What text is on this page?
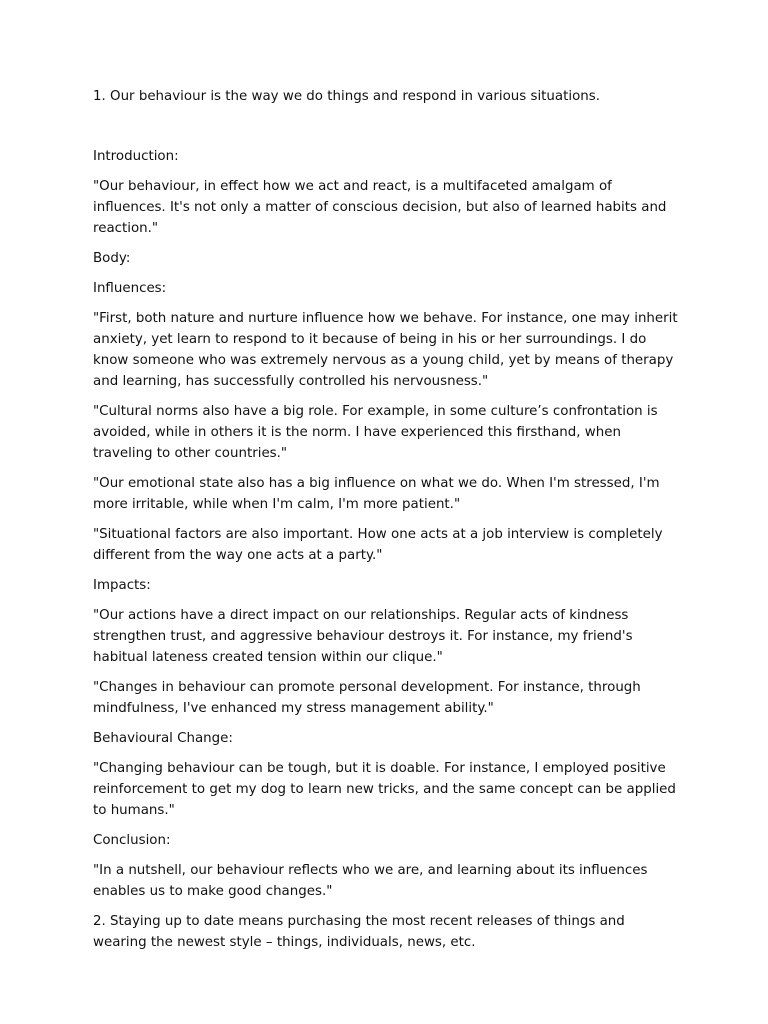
1. Our behaviour is the way we do things and respond in various situations.

Introduction:

"Our behaviour, in effect how we act and react, is a multifaceted amalgam of influences. It's not only a matter of conscious decision, but also of learned habits and reaction."

Body:

Influences:

"First, both nature and nurture influence how we behave. For instance, one may inherit anxiety, yet learn to respond to it because of being in his or her surroundings. I do know someone who was extremely nervous as a young child, yet by means of therapy and learning, has successfully controlled his nervousness."

"Cultural norms also have a big role. For example, in some culture’s confrontation is avoided, while in others it is the norm. I have experienced this firsthand, when traveling to other countries."

"Our emotional state also has a big influence on what we do. When I'm stressed, I'm more irritable, while when I'm calm, I'm more patient."

"Situational factors are also important. How one acts at a job interview is completely different from the way one acts at a party."

Impacts:

"Our actions have a direct impact on our relationships. Regular acts of kindness strengthen trust, and aggressive behaviour destroys it. For instance, my friend's habitual lateness created tension within our clique."

"Changes in behaviour can promote personal development. For instance, through mindfulness, I've enhanced my stress management ability."

Behavioural Change:

"Changing behaviour can be tough, but it is doable. For instance, I employed positive reinforcement to get my dog to learn new tricks, and the same concept can be applied to humans."

Conclusion:

"In a nutshell, our behaviour reflects who we are, and learning about its influences enables us to make good changes."

2. Staying up to date means purchasing the most recent releases of things and wearing the newest style – things, individuals, news, etc.
